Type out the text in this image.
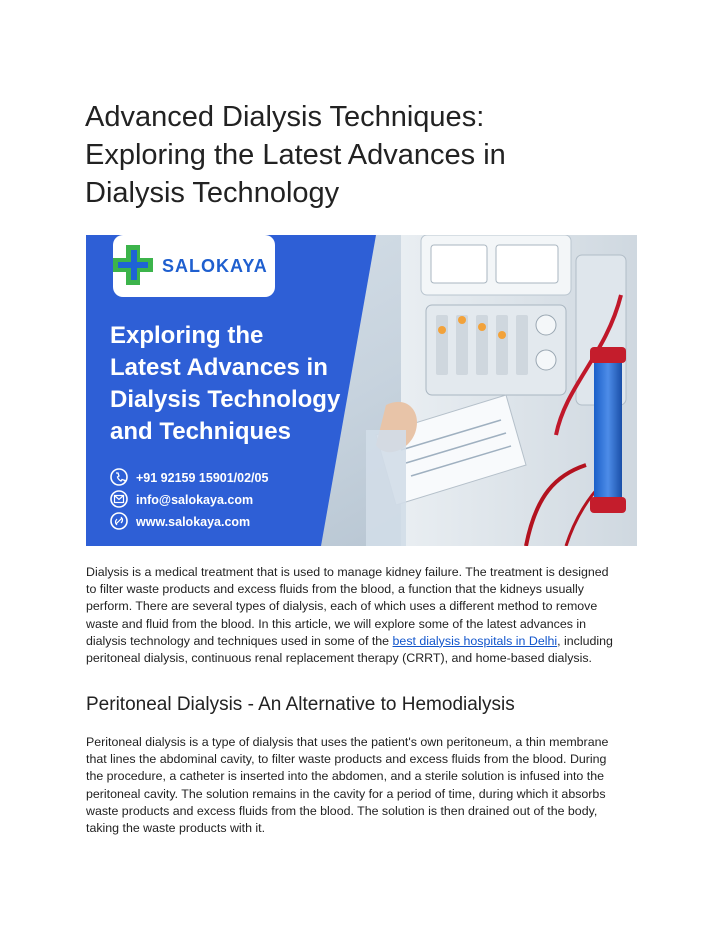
Advanced Dialysis Techniques:
Exploring the Latest Advances in
Dialysis Technology
SALOKAYA
Exploring the
Latest Advances in
Dialysis Technology
and Techniques
+91 92159 15901/02/05
info@salokaya.com
www.salokaya.com

Dialysis is a medical treatment that is used to manage kidney failure. The treatment is designed
to filter waste products and excess fluids from the blood, a function that the kidneys usually
perform. There are several types of dialysis, each of which uses a different method to remove
waste and fluid from the blood. In this article, we will explore some of the latest advances in
dialysis technology and techniques used in some of the best dialysis hospitals in Delhi, including
peritoneal dialysis, continuous renal replacement therapy (CRRT), and home-based dialysis.

Peritoneal Dialysis - An Alternative to Hemodialysis

Peritoneal dialysis is a type of dialysis that uses the patient's own peritoneum, a thin membrane
that lines the abdominal cavity, to filter waste products and excess fluids from the blood. During
the procedure, a catheter is inserted into the abdomen, and a sterile solution is infused into the
peritoneal cavity. The solution remains in the cavity for a period of time, during which it absorbs
waste products and excess fluids from the blood. The solution is then drained out of the body,
taking the waste products with it.
